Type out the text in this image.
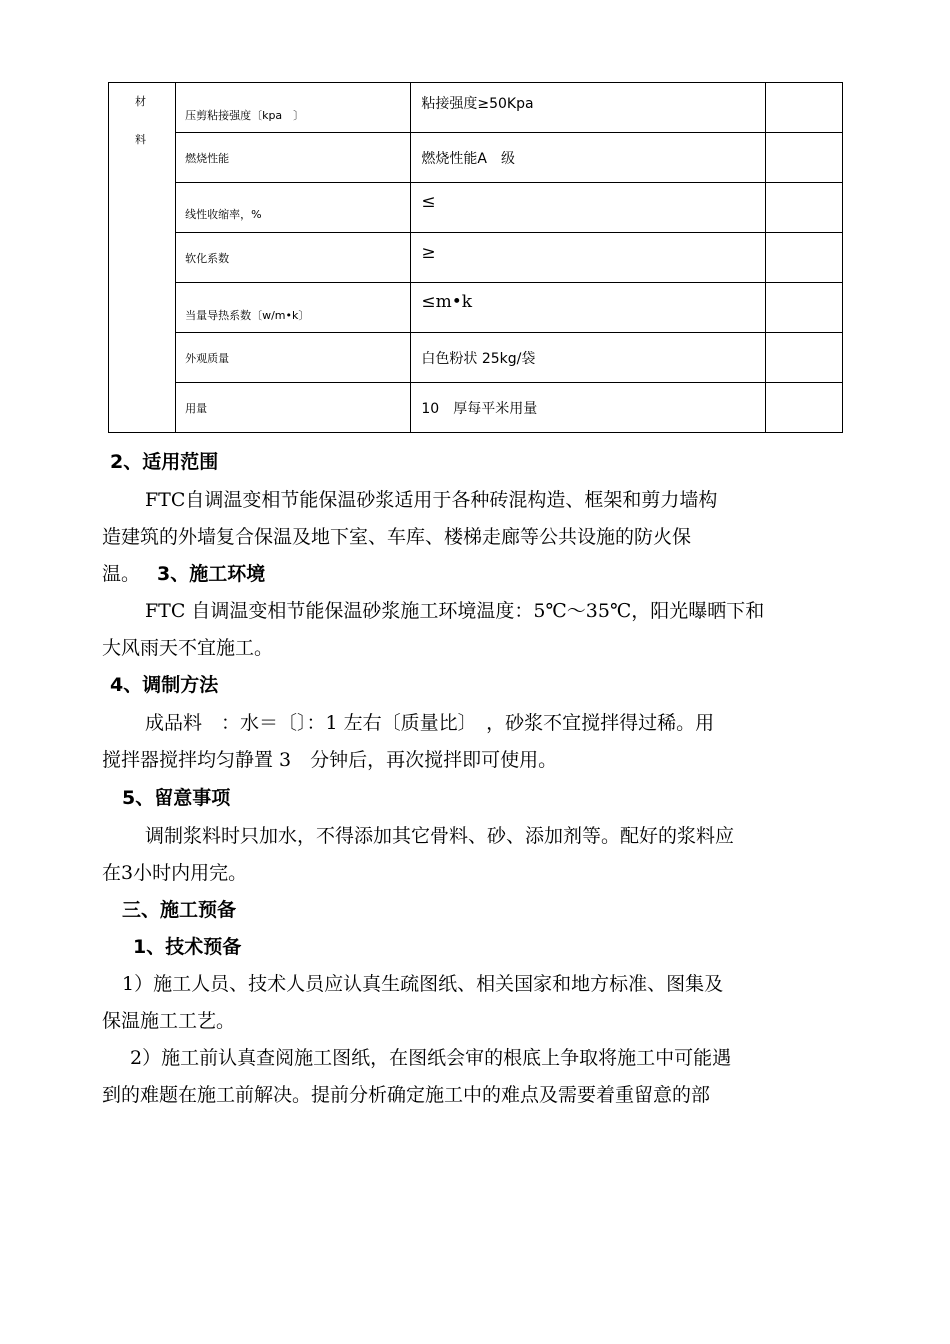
材
料	压剪粘接强度〔kpa　〕	粘接强度≥50Kpa	

	燃烧性能	燃烧性能A　级	

	线性收缩率，%	≤	

	软化系数	≥	

	当量导热系数〔w/m•k〕	≤m•k	

	外观质量	白色粉状 25kg/袋	

	用量	10　厚每平米用量	

2、适用范围
FTC自调温变相节能保温砂浆适用于各种砖混构造、框架和剪力墙构
造建筑的外墙复合保温及地下室、车库、楼梯走廊等公共设施的防火保
温。 3、施工环境
FTC 自调温变相节能保温砂浆施工环境温度：5℃～35℃，阳光曝晒下和
大风雨天不宜施工。
4、调制方法
成品料　：水＝〔〕：1 左右〔质量比〕　，砂浆不宜搅拌得过稀。用
搅拌器搅拌均匀静置 3　分钟后，再次搅拌即可使用。
5、留意事项
调制浆料时只加水，不得添加其它骨料、砂、添加剂等。配好的浆料应
在3小时内用完。
三、施工预备
1、技术预备
1）施工人员、技术人员应认真生疏图纸、相关国家和地方标准、图集及
保温施工工艺。
2）施工前认真查阅施工图纸，在图纸会审的根底上争取将施工中可能遇
到的难题在施工前解决。提前分析确定施工中的难点及需要着重留意的部
